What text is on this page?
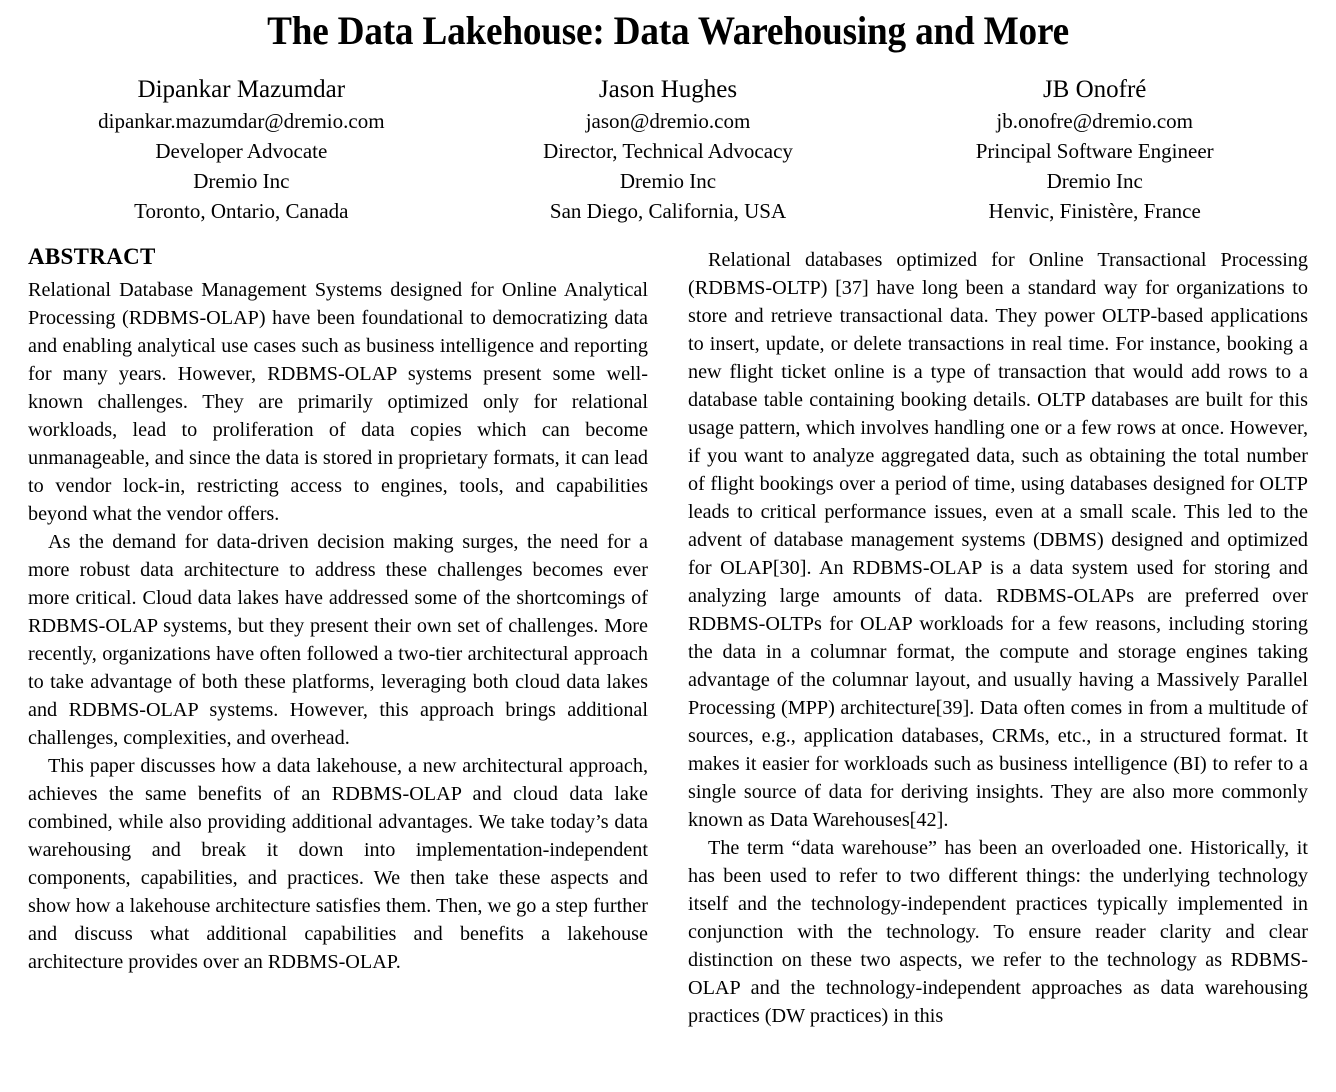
The Data Lakehouse: Data Warehousing and More
Dipankar Mazumdar
dipankar.mazumdar@dremio.com
Developer Advocate
Dremio Inc
Toronto, Ontario, Canada
Jason Hughes
jason@dremio.com
Director, Technical Advocacy
Dremio Inc
San Diego, California, USA
JB Onofré
jb.onofre@dremio.com
Principal Software Engineer
Dremio Inc
Henvic, Finistère, France
ABSTRACT

Relational Database Management Systems designed for Online Analytical Processing (RDBMS-OLAP) have been foundational to democratizing data and enabling analytical use cases such as business intelligence and reporting for many years. However, RDBMS-OLAP systems present some well-known challenges. They are primarily optimized only for relational workloads, lead to proliferation of data copies which can become unmanageable, and since the data is stored in proprietary formats, it can lead to vendor lock-in, restricting access to engines, tools, and capabilities beyond what the vendor offers.

As the demand for data-driven decision making surges, the need for a more robust data architecture to address these challenges becomes ever more critical. Cloud data lakes have addressed some of the shortcomings of RDBMS-OLAP systems, but they present their own set of challenges. More recently, organizations have often followed a two-tier architectural approach to take advantage of both these platforms, leveraging both cloud data lakes and RDBMS-OLAP systems. However, this approach brings additional challenges, complexities, and overhead.

This paper discusses how a data lakehouse, a new architectural approach, achieves the same benefits of an RDBMS-OLAP and cloud data lake combined, while also providing additional advantages. We take today’s data warehousing and break it down into implementation-independent components, capabilities, and practices. We then take these aspects and show how a lakehouse architecture satisfies them. Then, we go a step further and discuss what additional capabilities and benefits a lakehouse architecture provides over an RDBMS-OLAP.

Relational databases optimized for Online Transactional Processing (RDBMS-OLTP) [37] have long been a standard way for organizations to store and retrieve transactional data. They power OLTP-based applications to insert, update, or delete transactions in real time. For instance, booking a new flight ticket online is a type of transaction that would add rows to a database table containing booking details. OLTP databases are built for this usage pattern, which involves handling one or a few rows at once. However, if you want to analyze aggregated data, such as obtaining the total number of flight bookings over a period of time, using databases designed for OLTP leads to critical performance issues, even at a small scale. This led to the advent of database management systems (DBMS) designed and optimized for OLAP[30]. An RDBMS-OLAP is a data system used for storing and analyzing large amounts of data. RDBMS-OLAPs are preferred over RDBMS-OLTPs for OLAP workloads for a few reasons, including storing the data in a columnar format, the compute and storage engines taking advantage of the columnar layout, and usually having a Massively Parallel Processing (MPP) architecture[39]. Data often comes in from a multitude of sources, e.g., application databases, CRMs, etc., in a structured format. It makes it easier for workloads such as business intelligence (BI) to refer to a single source of data for deriving insights. They are also more commonly known as Data Warehouses[42].

The term “data warehouse” has been an overloaded one. Historically, it has been used to refer to two different things: the underlying technology itself and the technology-independent practices typically implemented in conjunction with the technology. To ensure reader clarity and clear distinction on these two aspects, we refer to the technology as RDBMS-OLAP and the technology-independent approaches as data warehousing practices (DW practices) in this
